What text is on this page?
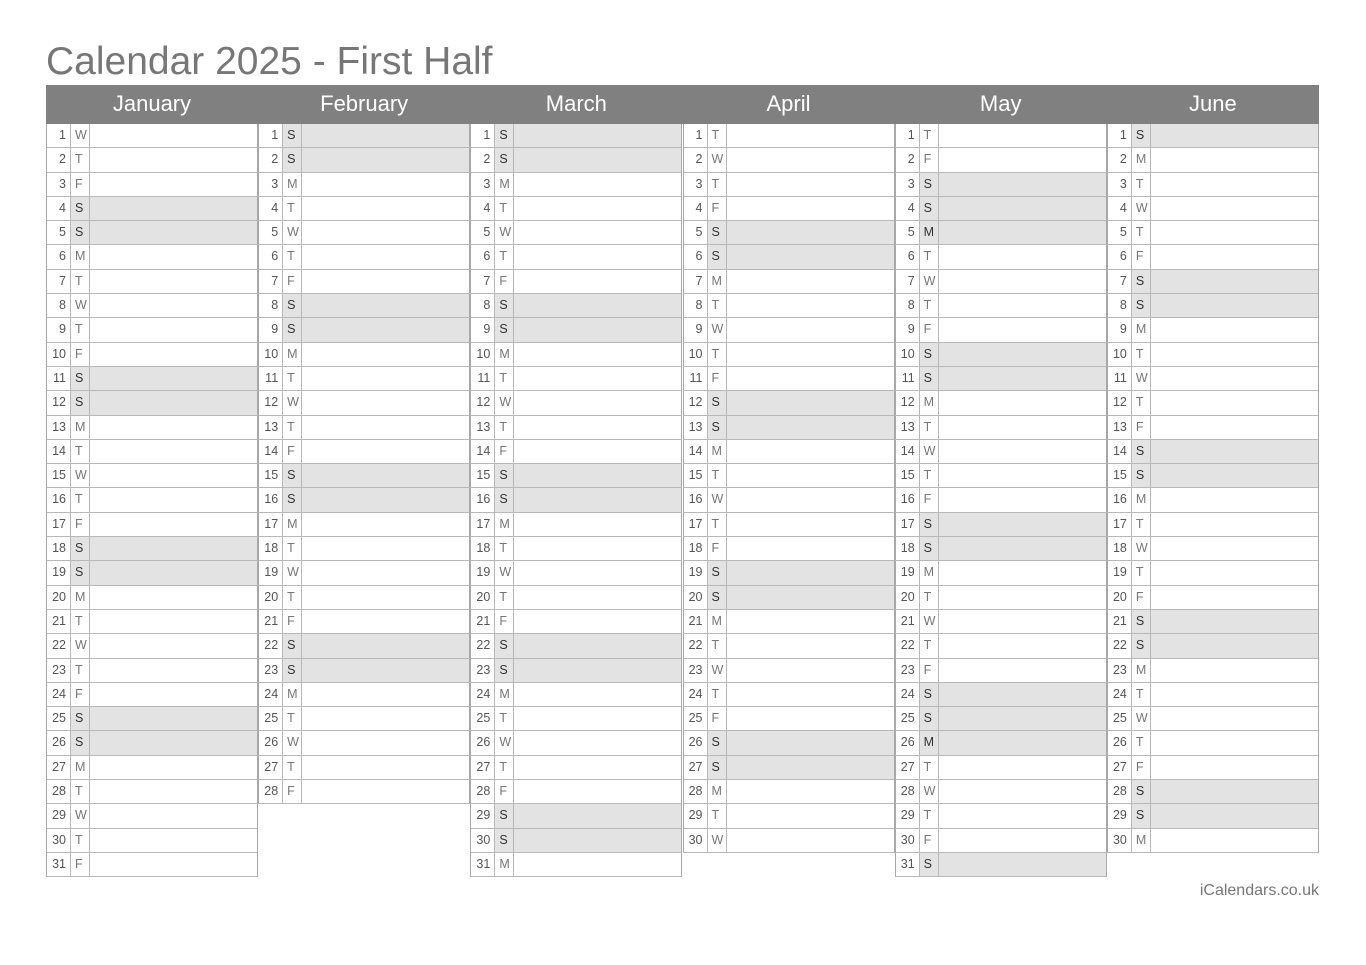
Calendar 2025 - First Half
January
1 W
2 T
3 F
4 S
5 S
6 M
7 T
8 W
9 T
10 F
11 S
12 S
13 M
14 T
15 W
16 T
17 F
18 S
19 S
20 M
21 T
22 W
23 T
24 F
25 S
26 S
27 M
28 T
29 W
30 T
31 F
February
1 S
2 S
3 M
4 T
5 W
6 T
7 F
8 S
9 S
10 M
11 T
12 W
13 T
14 F
15 S
16 S
17 M
18 T
19 W
20 T
21 F
22 S
23 S
24 M
25 T
26 W
27 T
28 F
March
1 S
2 S
3 M
4 T
5 W
6 T
7 F
8 S
9 S
10 M
11 T
12 W
13 T
14 F
15 S
16 S
17 M
18 T
19 W
20 T
21 F
22 S
23 S
24 M
25 T
26 W
27 T
28 F
29 S
30 S
31 M
April
1 T
2 W
3 T
4 F
5 S
6 S
7 M
8 T
9 W
10 T
11 F
12 S
13 S
14 M
15 T
16 W
17 T
18 F
19 S
20 S
21 M
22 T
23 W
24 T
25 F
26 S
27 S
28 M
29 T
30 W
May
1 T
2 F
3 S
4 S
5 M
6 T
7 W
8 T
9 F
10 S
11 S
12 M
13 T
14 W
15 T
16 F
17 S
18 S
19 M
20 T
21 W
22 T
23 F
24 S
25 S
26 M
27 T
28 W
29 T
30 F
31 S
June
1 S
2 M
3 T
4 W
5 T
6 F
7 S
8 S
9 M
10 T
11 W
12 T
13 F
14 S
15 S
16 M
17 T
18 W
19 T
20 F
21 S
22 S
23 M
24 T
25 W
26 T
27 F
28 S
29 S
30 M
iCalendars.co.uk
